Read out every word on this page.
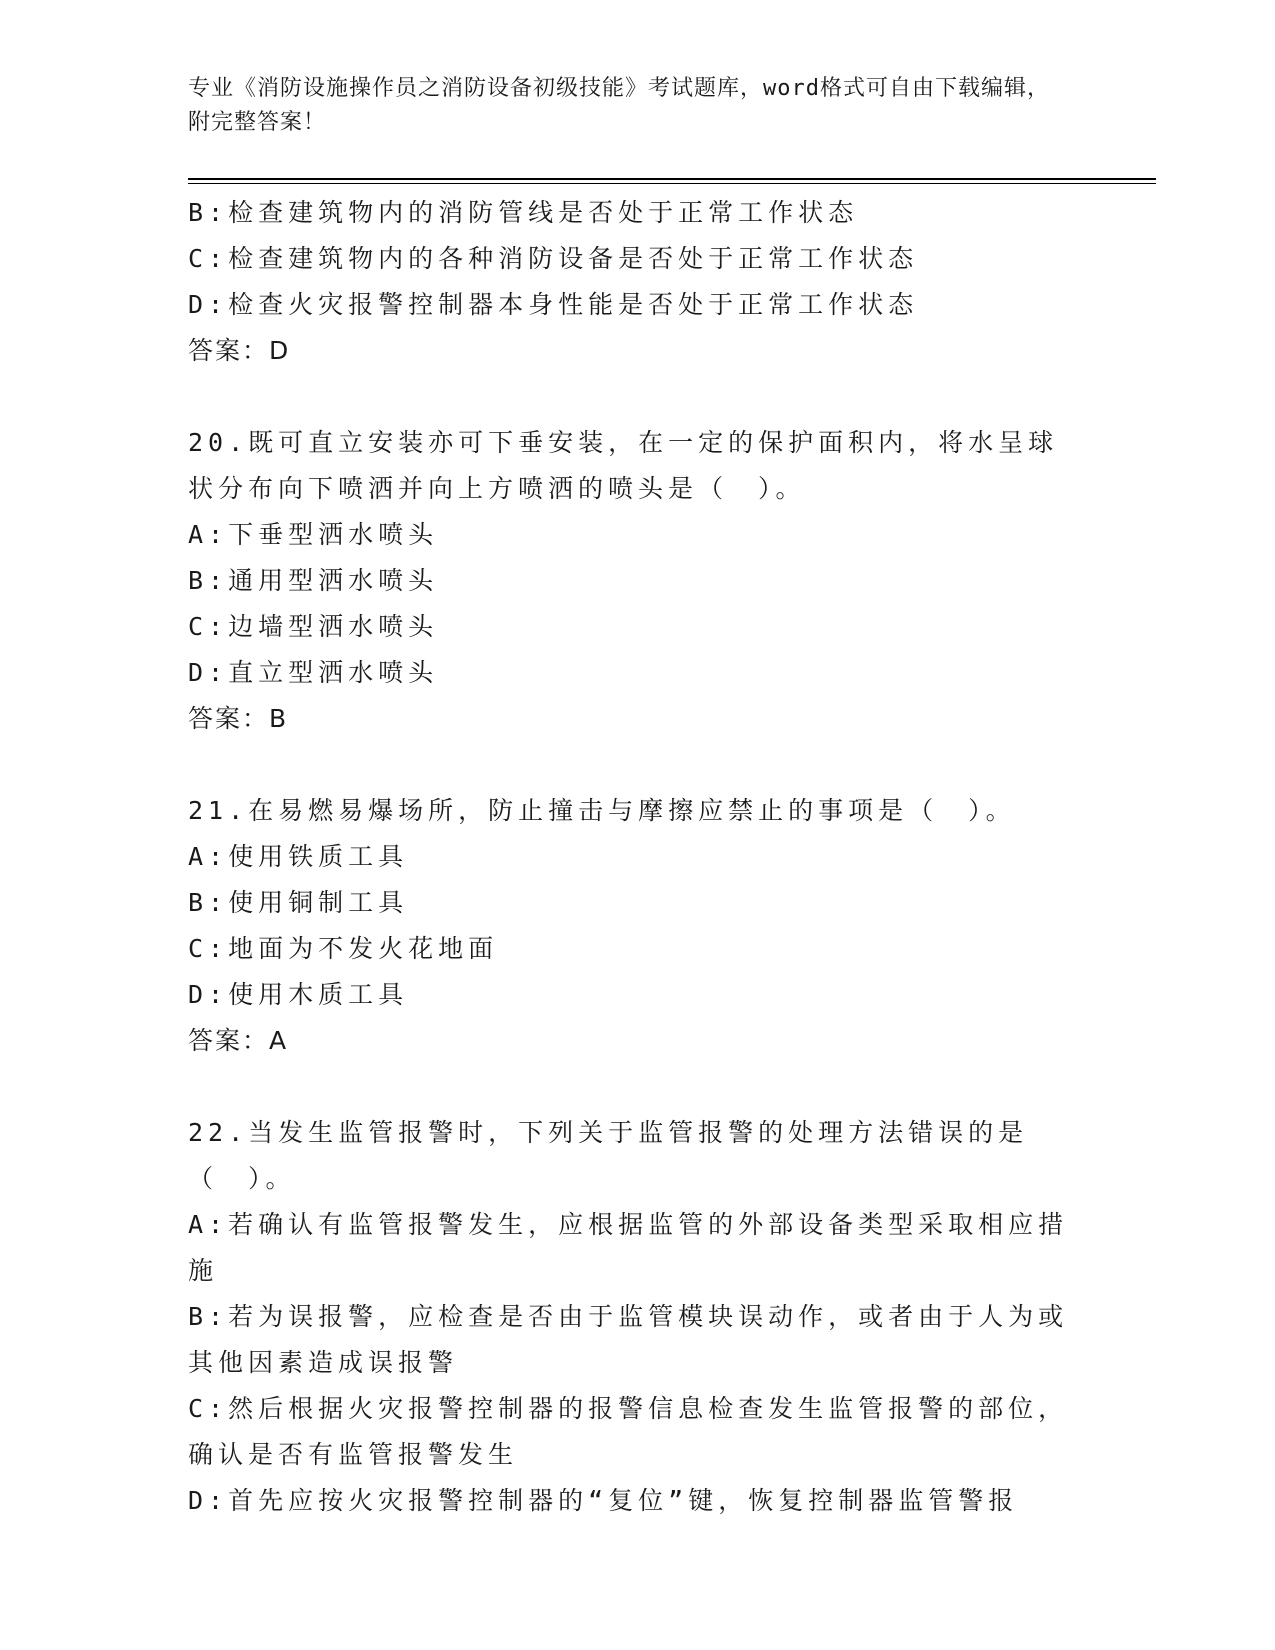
专业《消防设施操作员之消防设备初级技能》考试题库，word格式可自由下载编辑，附完整答案！
B:检查建筑物内的消防管线是否处于正常工作状态
C:检查建筑物内的各种消防设备是否处于正常工作状态
D:检查火灾报警控制器本身性能是否处于正常工作状态
答案：D
20.既可直立安装亦可下垂安装，在一定的保护面积内，将水呈球状分布向下喷洒并向上方喷洒的喷头是（　）。
A:下垂型洒水喷头
B:通用型洒水喷头
C:边墙型洒水喷头
D:直立型洒水喷头
答案：B
21.在易燃易爆场所，防止撞击与摩擦应禁止的事项是（　）。
A:使用铁质工具
B:使用铜制工具
C:地面为不发火花地面
D:使用木质工具
答案：A
22.当发生监管报警时，下列关于监管报警的处理方法错误的是（　）。
A:若确认有监管报警发生，应根据监管的外部设备类型采取相应措施
B:若为误报警，应检查是否由于监管模块误动作，或者由于人为或其他因素造成误报警
C:然后根据火灾报警控制器的报警信息检查发生监管报警的部位，确认是否有监管报警发生
D:首先应按火灾报警控制器的“复位”键，恢复控制器监管警报
